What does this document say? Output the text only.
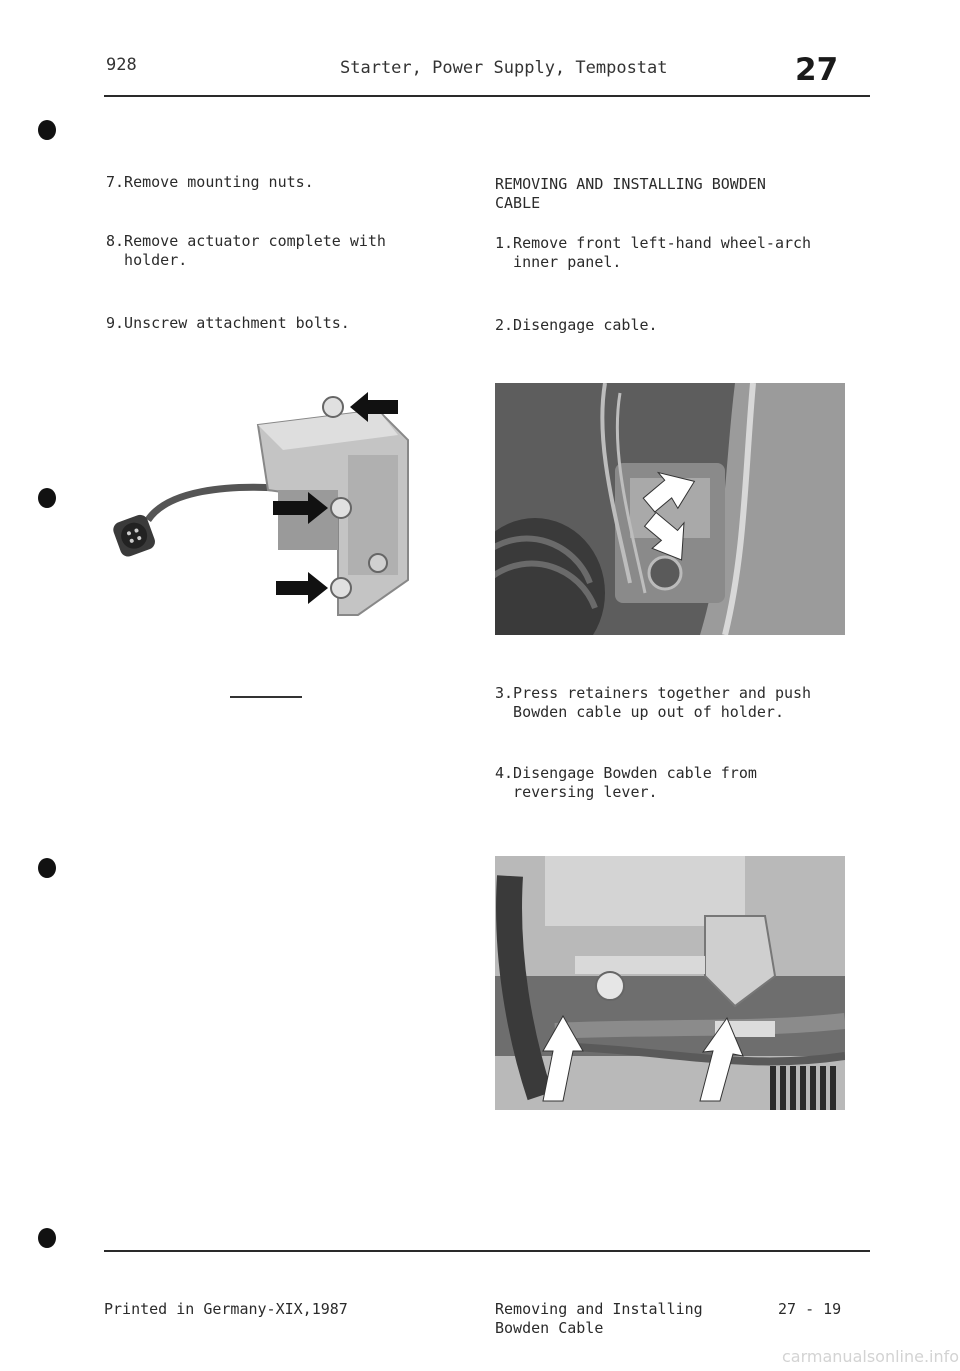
928	Starter, Power Supply, Tempostat	27
7.Remove mounting nuts.
8.Remove actuator complete with
holder.
9.Unscrew attachment bolts.
REMOVING AND INSTALLING BOWDEN
CABLE
1.Remove front left-hand wheel-arch
inner panel.
2.Disengage cable.
3.Press retainers together and push
Bowden cable up out of holder.
4.Disengage Bowden cable from
reversing lever.
Printed in Germany-XIX,1987	Removing and Installing
Bowden Cable
27 - 19
carmanualsonline.info
